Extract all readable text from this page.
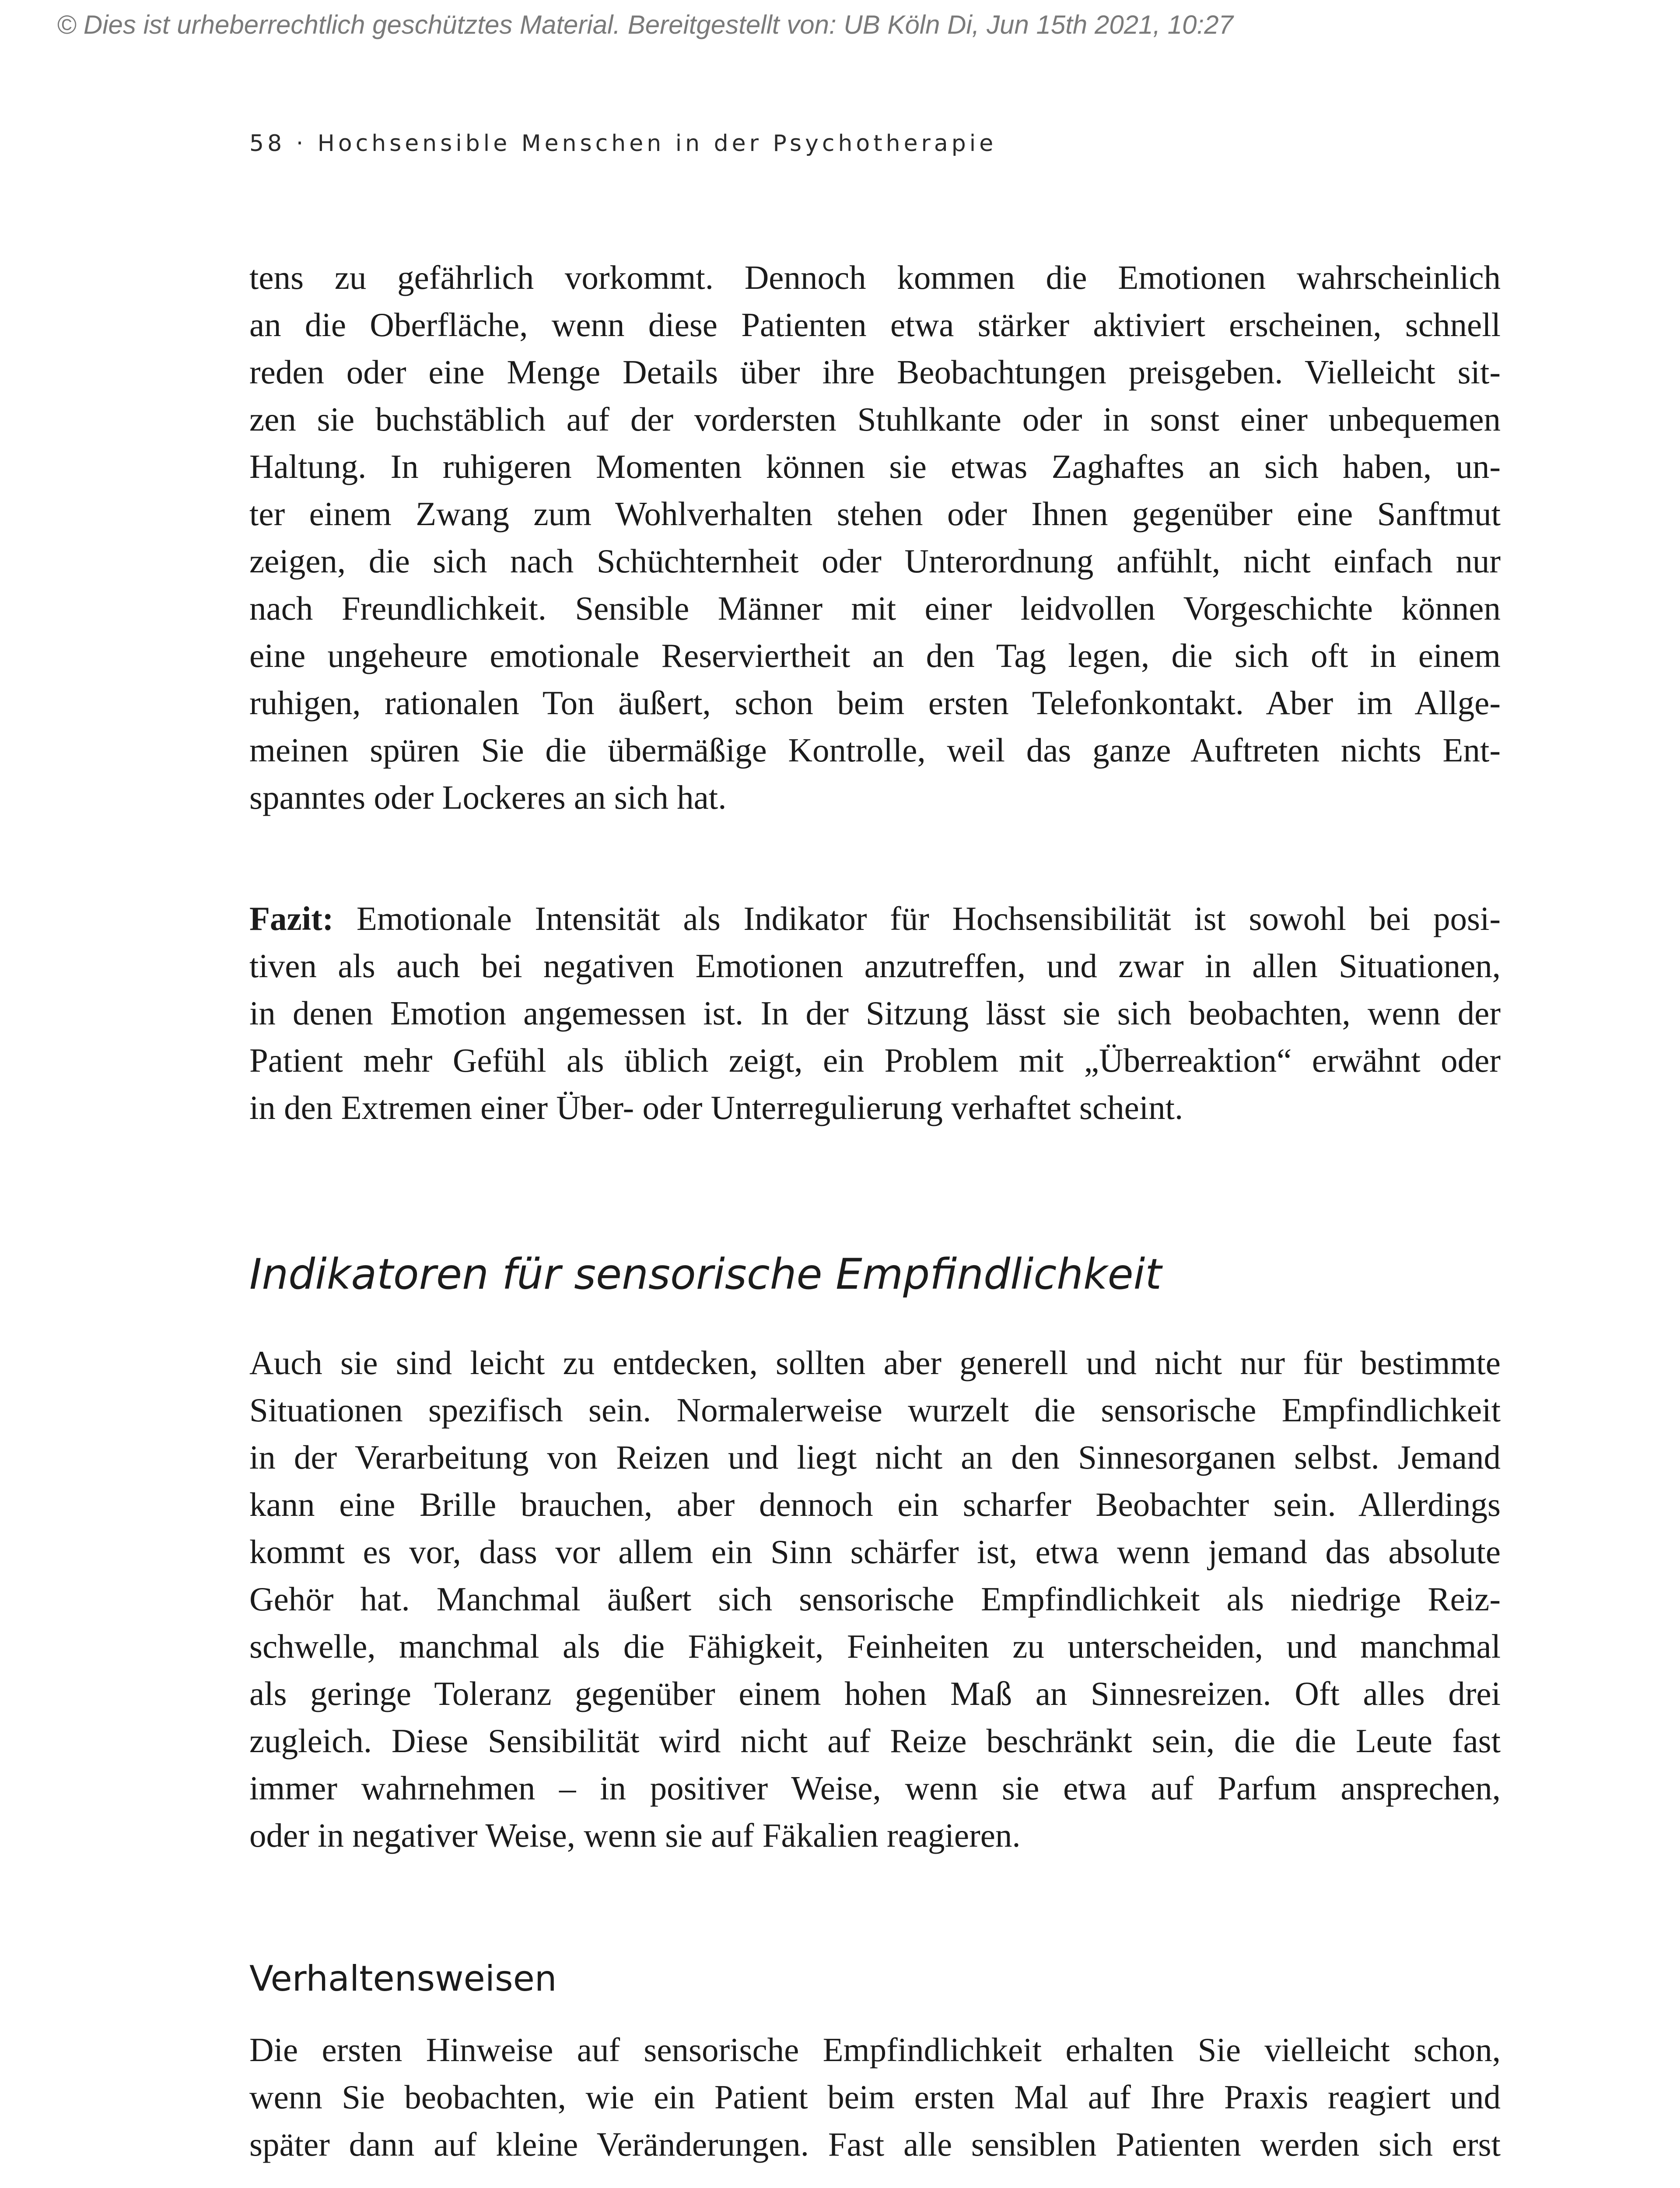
© Dies ist urheberrechtlich geschütztes Material. Bereitgestellt von: UB Köln Di, Jun 15th 2021, 10:27
58 · Hochsensible Menschen in der Psychotherapie
tens zu gefährlich vorkommt. Dennoch kommen die Emotionen wahrscheinlich
an die Oberfläche, wenn diese Patienten etwa stärker aktiviert erscheinen, schnell
reden oder eine Menge Details über ihre Beobachtungen preisgeben. Vielleicht sit-
zen sie buchstäblich auf der vordersten Stuhlkante oder in sonst einer unbequemen
Haltung. In ruhigeren Momenten können sie etwas Zaghaftes an sich haben, un-
ter einem Zwang zum Wohlverhalten stehen oder Ihnen gegenüber eine Sanftmut
zeigen, die sich nach Schüchternheit oder Unterordnung anfühlt, nicht einfach nur
nach Freundlichkeit. Sensible Männer mit einer leidvollen Vorgeschichte können
eine ungeheure emotionale Reserviertheit an den Tag legen, die sich oft in einem
ruhigen, rationalen Ton äußert, schon beim ersten Telefonkontakt. Aber im Allge-
meinen spüren Sie die übermäßige Kontrolle, weil das ganze Auftreten nichts Ent-
spanntes oder Lockeres an sich hat.
Fazit: Emotionale Intensität als Indikator für Hochsensibilität ist sowohl bei posi-
tiven als auch bei negativen Emotionen anzutreffen, und zwar in allen Situationen,
in denen Emotion angemessen ist. In der Sitzung lässt sie sich beobachten, wenn der
Patient mehr Gefühl als üblich zeigt, ein Problem mit „Überreaktion“ erwähnt oder
in den Extremen einer Über- oder Unterregulierung verhaftet scheint.
Indikatoren für sensorische Empfindlichkeit
Auch sie sind leicht zu entdecken, sollten aber generell und nicht nur für bestimmte
Situationen spezifisch sein. Normalerweise wurzelt die sensorische Empfindlichkeit
in der Verarbeitung von Reizen und liegt nicht an den Sinnesorganen selbst. Jemand
kann eine Brille brauchen, aber dennoch ein scharfer Beobachter sein. Allerdings
kommt es vor, dass vor allem ein Sinn schärfer ist, etwa wenn jemand das absolute
Gehör hat. Manchmal äußert sich sensorische Empfindlichkeit als niedrige Reiz-
schwelle, manchmal als die Fähigkeit, Feinheiten zu unterscheiden, und manchmal
als geringe Toleranz gegenüber einem hohen Maß an Sinnesreizen. Oft alles drei
zugleich. Diese Sensibilität wird nicht auf Reize beschränkt sein, die die Leute fast
immer wahrnehmen – in positiver Weise, wenn sie etwa auf Parfum ansprechen,
oder in negativer Weise, wenn sie auf Fäkalien reagieren.
Verhaltensweisen
Die ersten Hinweise auf sensorische Empfindlichkeit erhalten Sie vielleicht schon,
wenn Sie beobachten, wie ein Patient beim ersten Mal auf Ihre Praxis reagiert und
später dann auf kleine Veränderungen. Fast alle sensiblen Patienten werden sich erst
